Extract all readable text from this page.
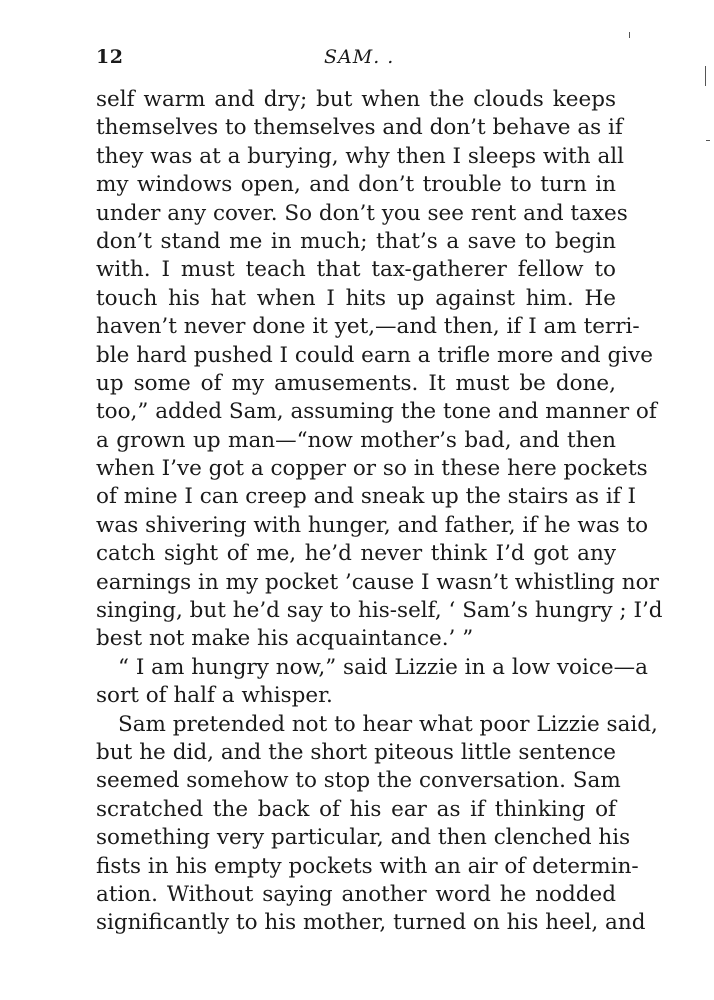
12	SAM. .
self warm and dry; but when the clouds keeps
themselves to themselves and don’t behave as if
they was at a burying, why then I sleeps with all
my windows open, and don’t trouble to turn in
under any cover. So don’t you see rent and taxes
don’t stand me in much; that’s a save to begin
with. I must teach that tax-gatherer fellow to
touch his hat when I hits up against him. He
haven’t never done it yet,—and then, if I am terri-
ble hard pushed I could earn a trifle more and give
up some of my amusements. It must be done,
too,” added Sam, assuming the tone and manner of
a grown up man—“now mother’s bad, and then
when I’ve got a copper or so in these here pockets
of mine I can creep and sneak up the stairs as if I
was shivering with hunger, and father, if he was to
catch sight of me, he’d never think I’d got any
earnings in my pocket ’cause I wasn’t whistling nor
singing, but he’d say to his-self, ‘ Sam’s hungry ; I’d
best not make his acquaintance.’ ”
“ I am hungry now,” said Lizzie in a low voice—a
sort of half a whisper.
Sam pretended not to hear what poor Lizzie said,
but he did, and the short piteous little sentence
seemed somehow to stop the conversation. Sam
scratched the back of his ear as if thinking of
something very particular, and then clenched his
fists in his empty pockets with an air of determin-
ation. Without saying another word he nodded
significantly to his mother, turned on his heel, and
